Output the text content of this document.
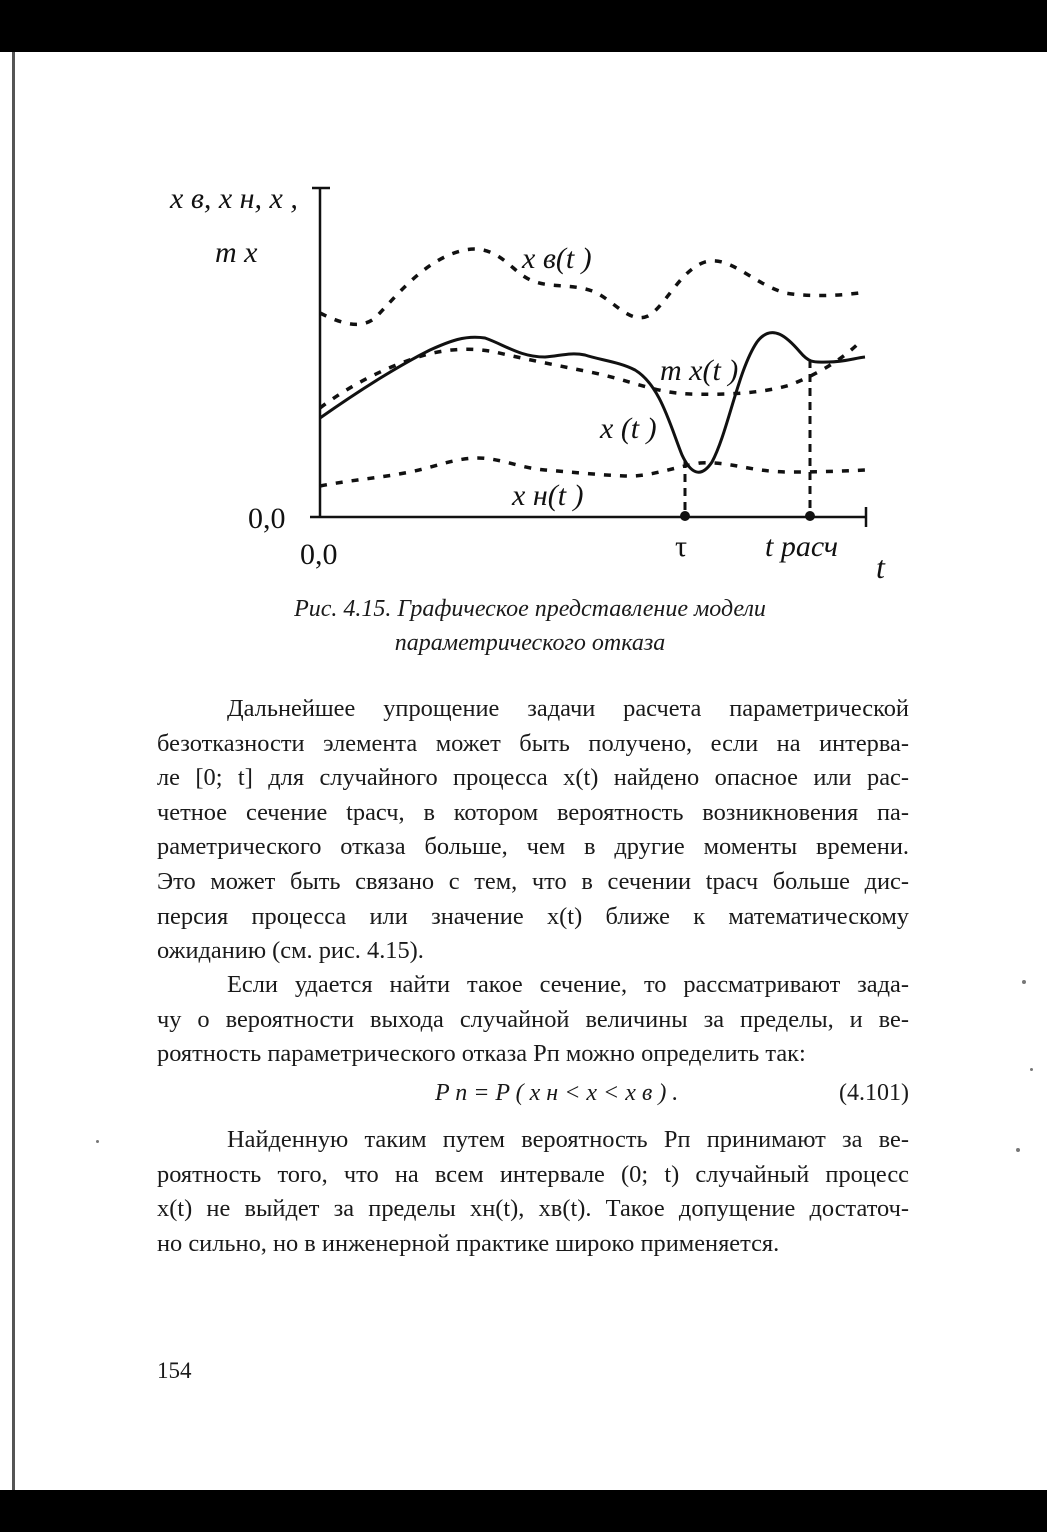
x в, x н, x ,
m х
0,0
0,0	t
τ	t расч
x в(t )
m х(t )
x (t )
x н(t )
Рис. 4.15. Графическое представление модели
параметрического отказа
Дальнейшее упрощение задачи расчета параметрической
безотказности элемента может быть получено, если на интерва-
ле [0; t] для случайного процесса x(t) найдено опасное или рас-
четное сечение tрасч, в котором вероятность возникновения па-
раметрического отказа больше, чем в другие моменты времени.
Это может быть связано с тем, что в сечении tрасч больше дис-
персия процесса или значение x(t) ближе к математическому
ожиданию (см. рис. 4.15).
Если удается найти такое сечение, то рассматривают зада-
чу о вероятности выхода случайной величины за пределы, и ве-
роятность параметрического отказа Pп можно определить так:
P п = P ( x н < x < x в ) .	(4.101)
Найденную таким путем вероятность Pп принимают за ве-
роятность того, что на всем интервале (0; t) случайный процесс
x(t) не выйдет за пределы xн(t), xв(t). Такое допущение достаточ-
но сильно, но в инженерной практике широко применяется.
154
